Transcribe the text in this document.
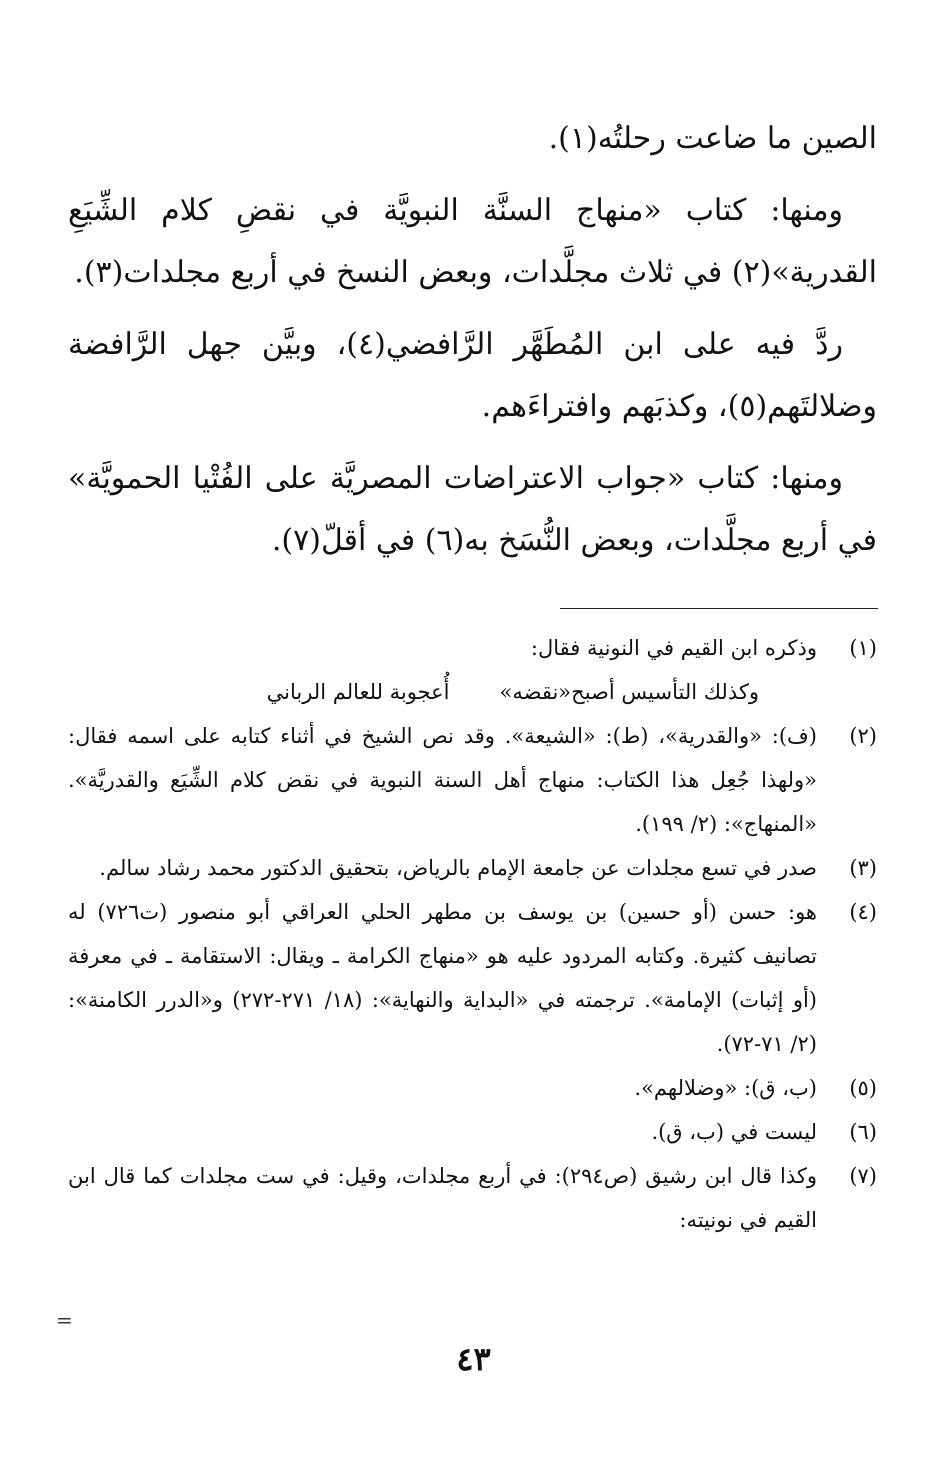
الصين ما ضاعت رحلتُه(١).

ومنها: كتاب «منهاج السنَّة النبويَّة في نقضِ كلام الشِّيَعِ القدرية»(٢) في ثلاث مجلَّدات، وبعض النسخ في أربع مجلدات(٣).

ردَّ فيه على ابن المُطَهَّر الرَّافضي(٤)، وبيَّن جهل الرَّافضة وضلالتَهم(٥)، وكذبَهم وافتراءَهم.

ومنها: كتاب «جواب الاعتراضات المصريَّة على الفُتْيا الحمويَّة» في أربع مجلَّدات، وبعض النُّسَخ به(٦) في أقلّ(٧).

(١)
وذكره ابن القيم في النونية فقال:
وكذلك التأسيس أصبح«نقضه»
أُعجوبة للعالم الرباني
(٢)
(ف): «والقدرية»، (ط): «الشيعة». وقد نص الشيخ في أثناء كتابه على اسمه فقال: «ولهذا جُعِل هذا الكتاب: منهاج أهل السنة النبوية في نقض كلام الشِّيَع والقدريَّة». «المنهاج»: (٢/ ١٩٩).
(٣)
صدر في تسع مجلدات عن جامعة الإمام بالرياض، بتحقيق الدكتور محمد رشاد سالم.
(٤)
هو: حسن (أو حسين) بن يوسف بن مطهر الحلي العراقي أبو منصور (ت٧٢٦) له تصانيف كثيرة. وكتابه المردود عليه هو «منهاج الكرامة ـ ويقال: الاستقامة ـ في معرفة (أو إثبات) الإمامة». ترجمته في «البداية والنهاية»: (١٨/ ٢٧١-٢٧٢) و«الدرر الكامنة»: (٢/ ٧١-٧٢).
(٥)
(ب، ق): «وضلالهم».
(٦)
ليست في (ب، ق).
(٧)
وكذا قال ابن رشيق (ص٢٩٤): في أربع مجلدات، وقيل: في ست مجلدات كما قال ابن القيم في نونيته:
=
٤٣
